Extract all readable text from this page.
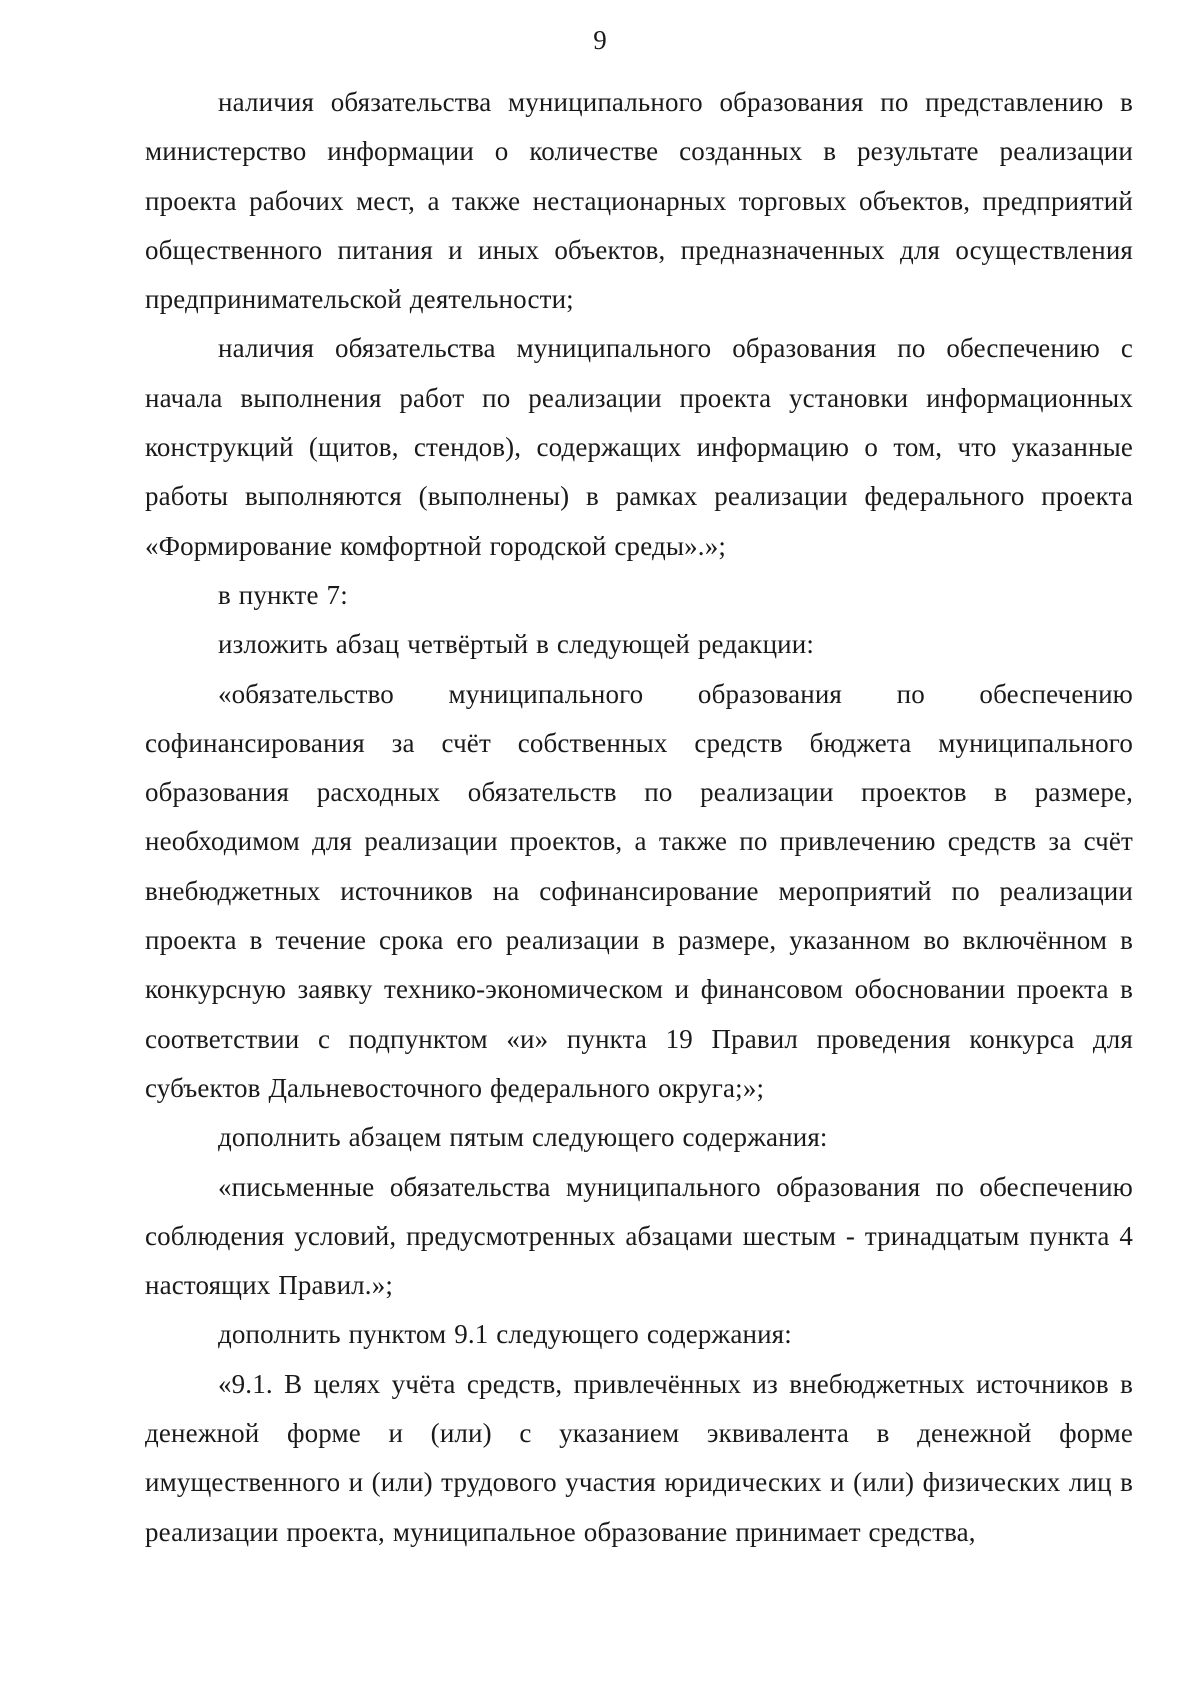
9

наличия обязательства муниципального образования по представлению в министерство информации о количестве созданных в результате реализации проекта рабочих мест, а также нестационарных торговых объектов, предприятий общественного питания и иных объектов, предназначенных для осуществления предпринимательской деятельности;

наличия обязательства муниципального образования по обеспечению с начала выполнения работ по реализации проекта установки информационных конструкций (щитов, стендов), содержащих информацию о том, что указанные работы выполняются (выполнены) в рамках реализации федерального проекта «Формирование комфортной городской среды».»;

в пункте 7:

изложить абзац четвёртый в следующей редакции:

«обязательство муниципального образования по обеспечению софинансирования за счёт собственных средств бюджета муниципального образования расходных обязательств по реализации проектов в размере, необходимом для реализации проектов, а также по привлечению средств за счёт внебюджетных источников на софинансирование мероприятий по реализации проекта в течение срока его реализации в размере, указанном во включённом в конкурсную заявку технико-экономическом и финансовом обосновании проекта в соответствии с подпунктом «и» пункта 19 Правил проведения конкурса для субъектов Дальневосточного федерального округа;»;

дополнить абзацем пятым следующего содержания:

«письменные обязательства муниципального образования по обеспечению соблюдения условий, предусмотренных абзацами шестым - тринадцатым пункта 4 настоящих Правил.»;

дополнить пунктом 9.1 следующего содержания:

«9.1. В целях учёта средств, привлечённых из внебюджетных источников в денежной форме и (или) с указанием эквивалента в денежной форме имущественного и (или) трудового участия юридических и (или) физических лиц в реализации проекта, муниципальное образование принимает средства,
